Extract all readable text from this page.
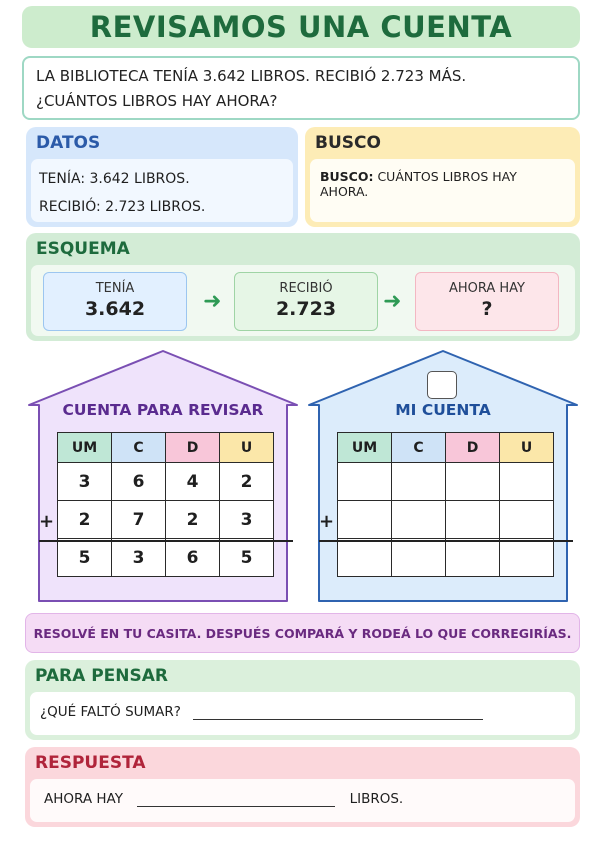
REVISAMOS UNA CUENTA
LA BIBLIOTECA TENÍA 3.642 LIBROS. RECIBIÓ 2.723 MÁS.
¿CUÁNTOS LIBROS HAY AHORA?
DATOS
TENÍA: 3.642 LIBROS.
RECIBIÓ: 2.723 LIBROS.
BUSCO
BUSCO: CUÁNTOS LIBROS HAY AHORA.
ESQUEMA
TENÍA
3.642	➜
RECIBIÓ
2.723	➜
AHORA HAY
?
CUENTA PARA REVISAR
UM	C	D	U
3	6	4	2
2	7	2	3
5	3	6	5
+
MI CUENTA
UM	C	D	U

+
RESOLVÉ EN TU CASITA. DESPUÉS COMPARÁ Y RODEÁ LO QUE CORREGIRÍAS.
PARA PENSAR
¿QUÉ FALTÓ SUMAR?
RESPUESTA
AHORA HAY	LIBROS.
